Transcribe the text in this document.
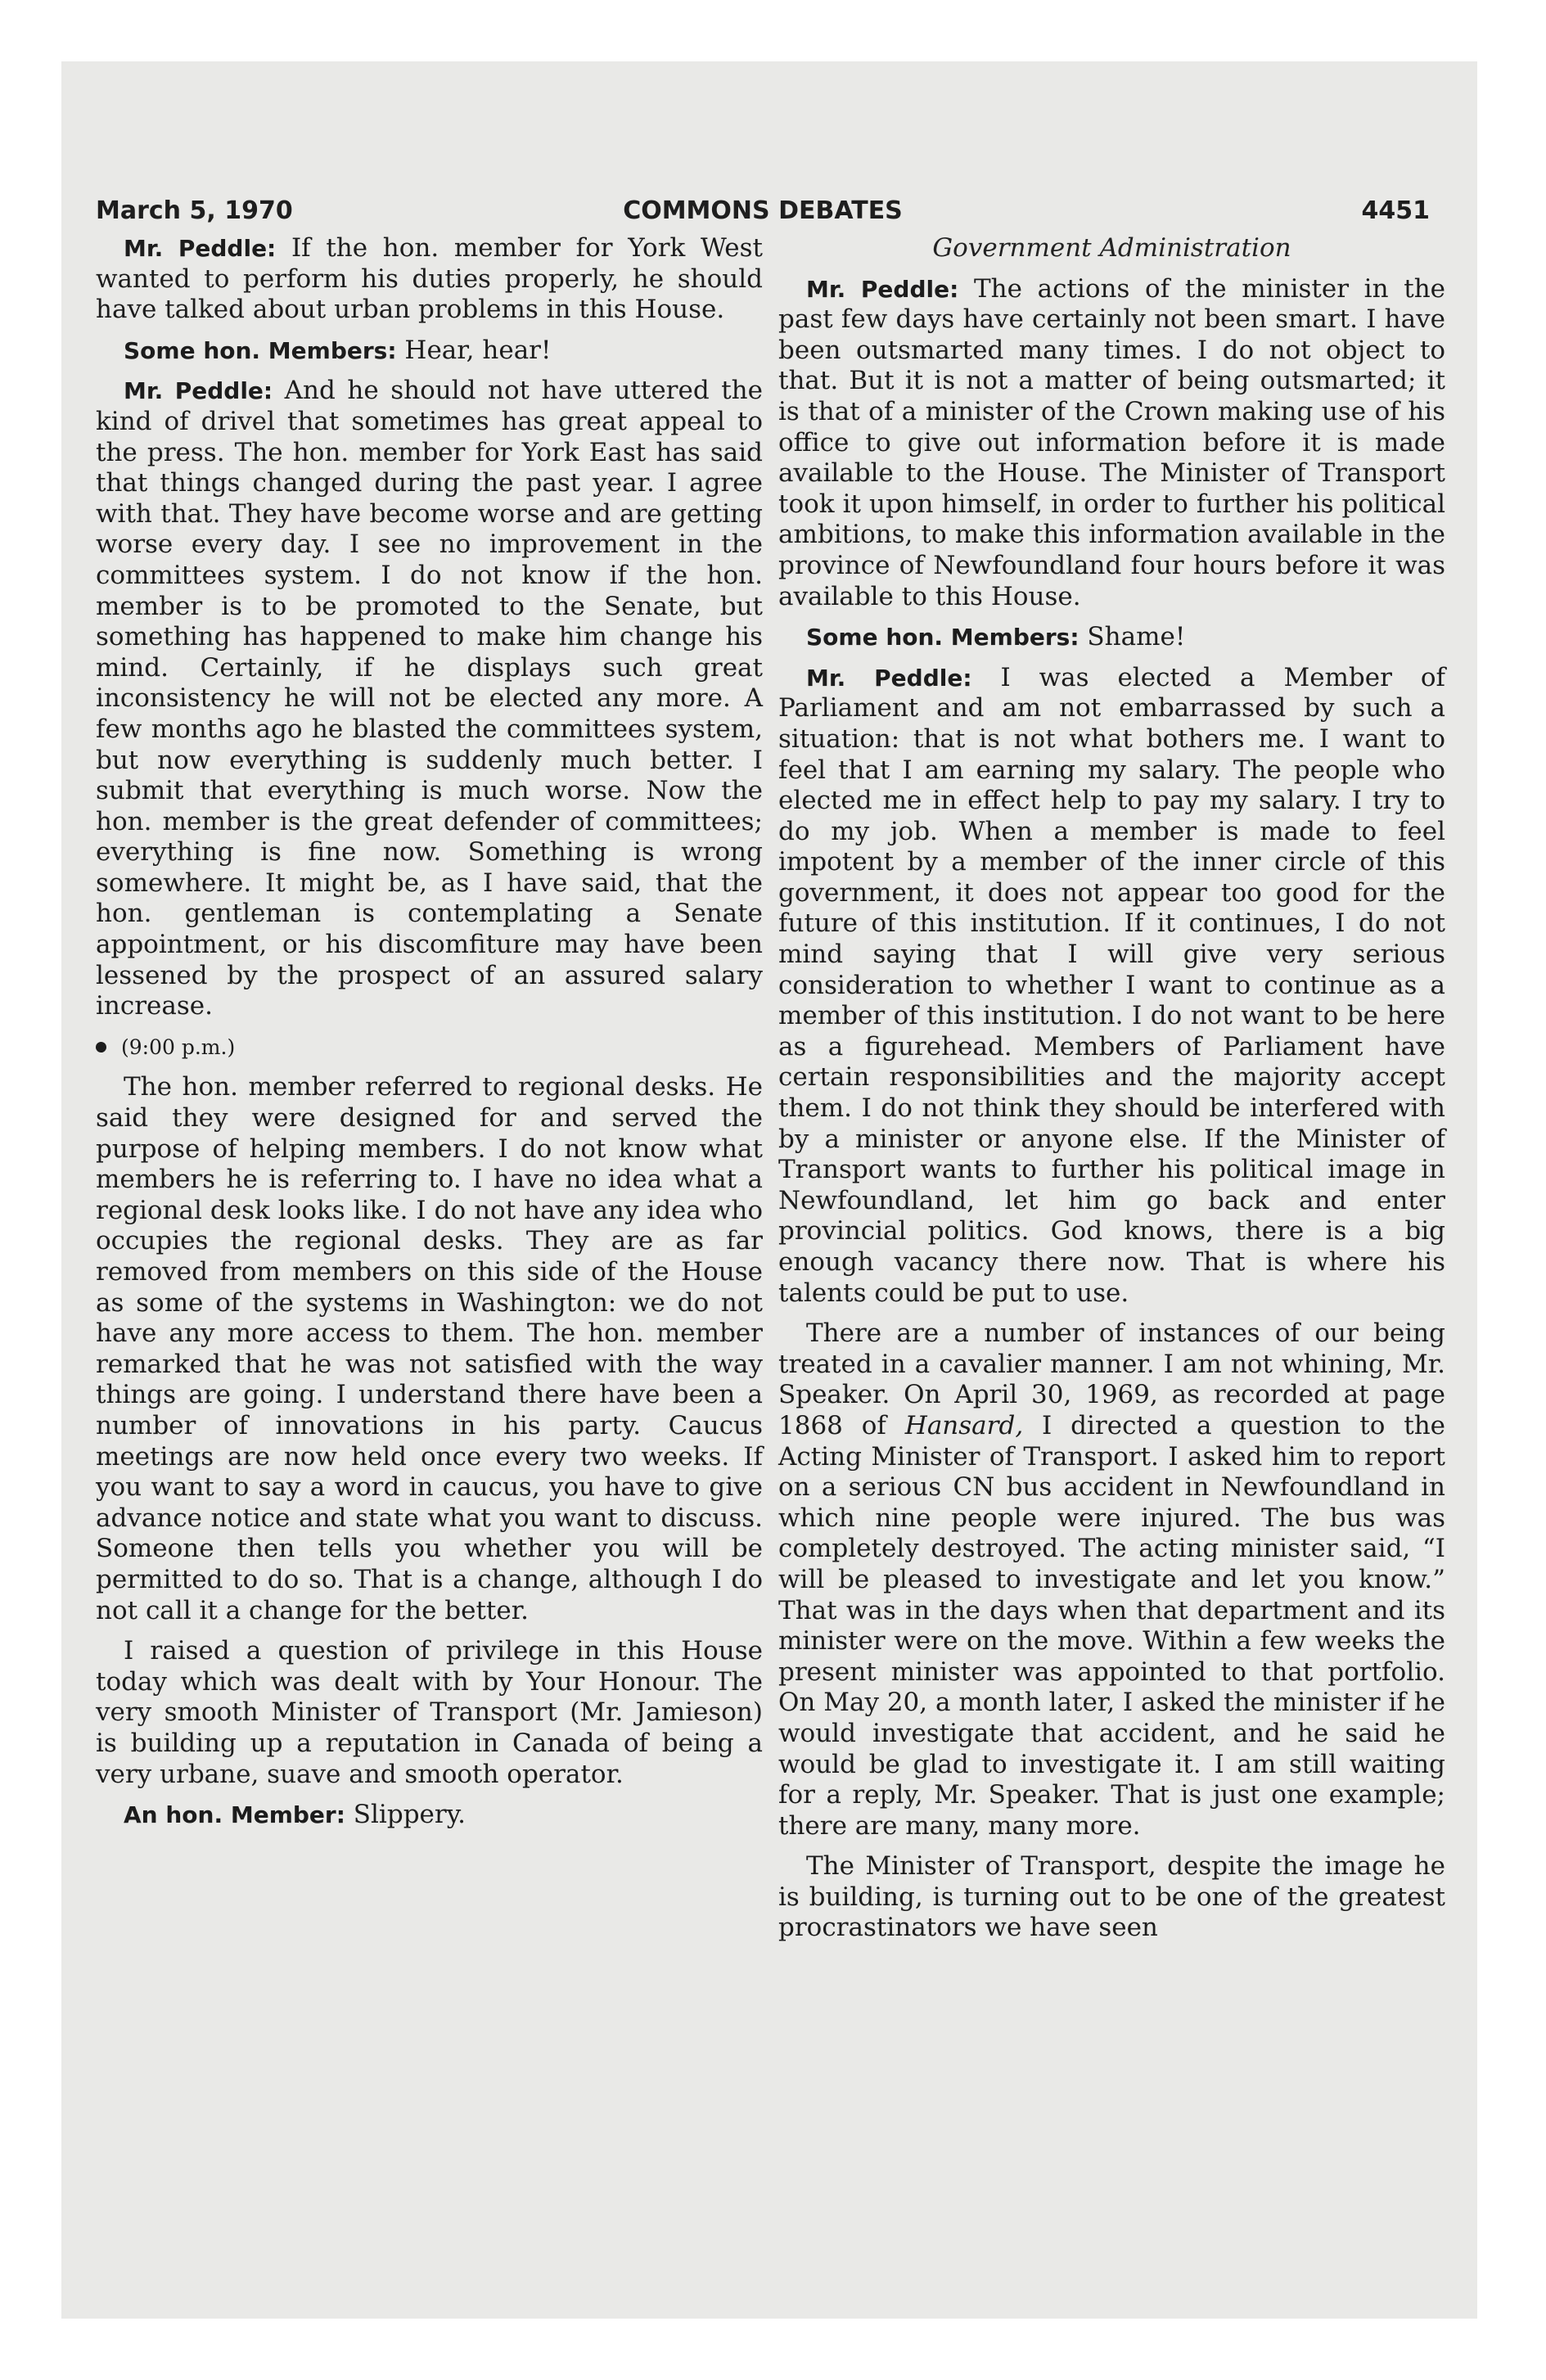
March 5, 1970	COMMONS DEBATES	4451

Mr. Peddle: If the hon. member for York West wanted to perform his duties properly, he should have talked about urban problems in this House.

Some hon. Members: Hear, hear!

Mr. Peddle: And he should not have uttered the kind of drivel that sometimes has great appeal to the press. The hon. member for York East has said that things changed during the past year. I agree with that. They have become worse and are getting worse every day. I see no improvement in the committees system. I do not know if the hon. member is to be promoted to the Senate, but something has happened to make him change his mind. Certainly, if he displays such great inconsistency he will not be elected any more. A few months ago he blasted the committees system, but now everything is suddenly much better. I submit that everything is much worse. Now the hon. member is the great defender of committees; everything is fine now. Something is wrong somewhere. It might be, as I have said, that the hon. gentleman is contemplating a Senate appointment, or his discomfiture may have been lessened by the prospect of an assured salary increase.

(9:00 p.m.)

The hon. member referred to regional desks. He said they were designed for and served the purpose of helping members. I do not know what members he is referring to. I have no idea what a regional desk looks like. I do not have any idea who occupies the regional desks. They are as far removed from members on this side of the House as some of the systems in Washington: we do not have any more access to them. The hon. member remarked that he was not satisfied with the way things are going. I understand there have been a number of innovations in his party. Caucus meetings are now held once every two weeks. If you want to say a word in caucus, you have to give advance notice and state what you want to discuss. Someone then tells you whether you will be permitted to do so. That is a change, although I do not call it a change for the better.

I raised a question of privilege in this House today which was dealt with by Your Honour. The very smooth Minister of Transport (Mr. Jamieson) is building up a reputation in Canada of being a very urbane, suave and smooth operator.

An hon. Member: Slippery.

Government Administration

Mr. Peddle: The actions of the minister in the past few days have certainly not been smart. I have been outsmarted many times. I do not object to that. But it is not a matter of being outsmarted; it is that of a minister of the Crown making use of his office to give out information before it is made available to the House. The Minister of Transport took it upon himself, in order to further his political ambitions, to make this information available in the province of Newfoundland four hours before it was available to this House.

Some hon. Members: Shame!

Mr. Peddle: I was elected a Member of Parliament and am not embarrassed by such a situation: that is not what bothers me. I want to feel that I am earning my salary. The people who elected me in effect help to pay my salary. I try to do my job. When a member is made to feel impotent by a member of the inner circle of this government, it does not appear too good for the future of this institution. If it continues, I do not mind saying that I will give very serious consideration to whether I want to continue as a member of this institution. I do not want to be here as a figurehead. Members of Parliament have certain responsibilities and the majority accept them. I do not think they should be interfered with by a minister or anyone else. If the Minister of Transport wants to further his political image in Newfoundland, let him go back and enter provincial politics. God knows, there is a big enough vacancy there now. That is where his talents could be put to use.

There are a number of instances of our being treated in a cavalier manner. I am not whining, Mr. Speaker. On April 30, 1969, as recorded at page 1868 of Hansard, I directed a question to the Acting Minister of Transport. I asked him to report on a serious CN bus accident in Newfoundland in which nine people were injured. The bus was completely destroyed. The acting minister said, “I will be pleased to investigate and let you know.” That was in the days when that department and its minister were on the move. Within a few weeks the present minister was appointed to that portfolio. On May 20, a month later, I asked the minister if he would investigate that accident, and he said he would be glad to investigate it. I am still waiting for a reply, Mr. Speaker. That is just one example; there are many, many more.

The Minister of Transport, despite the image he is building, is turning out to be one of the greatest procrastinators we have seen
